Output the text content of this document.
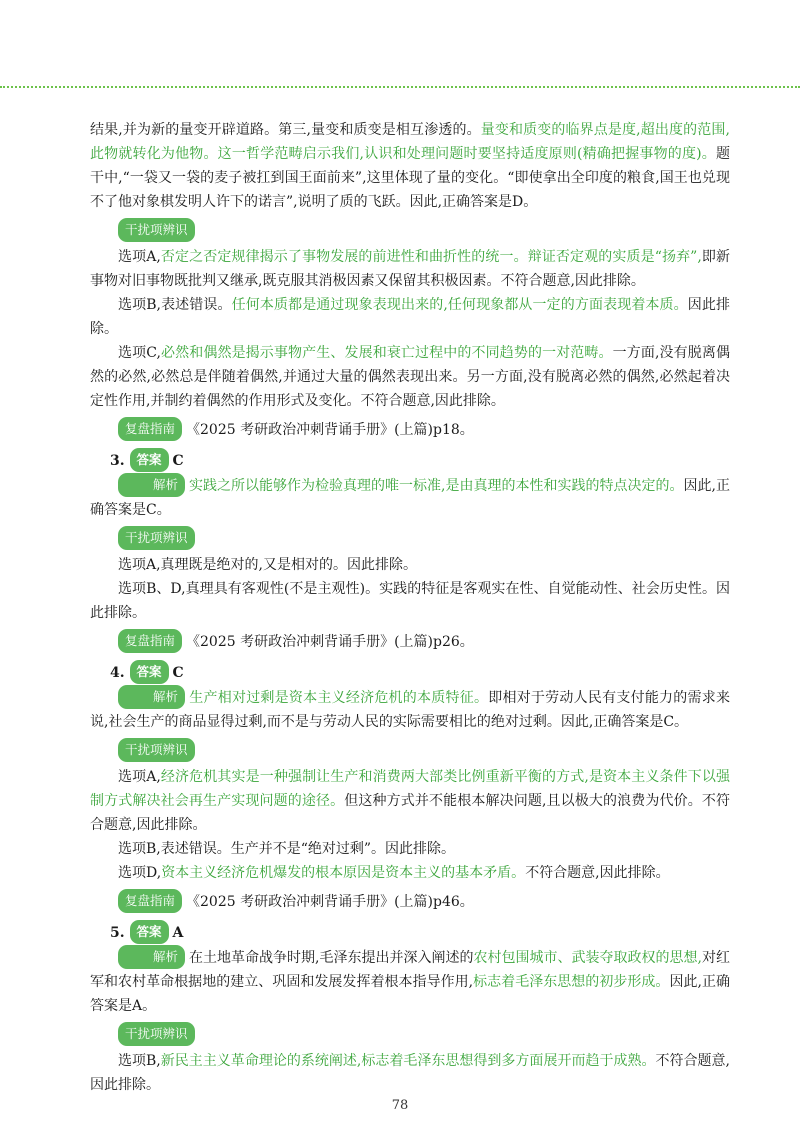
结果,并为新的量变开辟道路。第三,量变和质变是相互渗透的。量变和质变的临界点是度,超出度的范围,此物就转化为他物。这一哲学范畴启示我们,认识和处理问题时要坚持适度原则(精确把握事物的度)。题干中,“一袋又一袋的麦子被扛到国王面前来”,这里体现了量的变化。“即使拿出全印度的粮食,国王也兑现不了他对象棋发明人许下的诺言”,说明了质的飞跃。因此,正确答案是D。

干扰项辨识

选项A,否定之否定规律揭示了事物发展的前进性和曲折性的统一。辩证否定观的实质是“扬弃”,即新事物对旧事物既批判又继承,既克服其消极因素又保留其积极因素。不符合题意,因此排除。

选项B,表述错误。任何本质都是通过现象表现出来的,任何现象都从一定的方面表现着本质。因此排除。

选项C,必然和偶然是揭示事物产生、发展和衰亡过程中的不同趋势的一对范畴。一方面,没有脱离偶然的必然,必然总是伴随着偶然,并通过大量的偶然表现出来。另一方面,没有脱离必然的偶然,必然起着决定性作用,并制约着偶然的作用形式及变化。不符合题意,因此排除。

复盘指南 《2025 考研政治冲刺背诵手册》(上篇)p18。
3. 答案 C

解析 实践之所以能够作为检验真理的唯一标准,是由真理的本性和实践的特点决定的。因此,正确答案是C。

干扰项辨识

选项A,真理既是绝对的,又是相对的。因此排除。

选项B、D,真理具有客观性(不是主观性)。实践的特征是客观实在性、自觉能动性、社会历史性。因此排除。

复盘指南 《2025 考研政治冲刺背诵手册》(上篇)p26。
4. 答案 C

解析 生产相对过剩是资本主义经济危机的本质特征。即相对于劳动人民有支付能力的需求来说,社会生产的商品显得过剩,而不是与劳动人民的实际需要相比的绝对过剩。因此,正确答案是C。

干扰项辨识

选项A,经济危机其实是一种强制让生产和消费两大部类比例重新平衡的方式,是资本主义条件下以强制方式解决社会再生产实现问题的途径。但这种方式并不能根本解决问题,且以极大的浪费为代价。不符合题意,因此排除。

选项B,表述错误。生产并不是“绝对过剩”。因此排除。

选项D,资本主义经济危机爆发的根本原因是资本主义的基本矛盾。不符合题意,因此排除。

复盘指南 《2025 考研政治冲刺背诵手册》(上篇)p46。
5. 答案 A

解析 在土地革命战争时期,毛泽东提出并深入阐述的农村包围城市、武装夺取政权的思想,对红军和农村革命根据地的建立、巩固和发展发挥着根本指导作用,标志着毛泽东思想的初步形成。因此,正确答案是A。

干扰项辨识

选项B,新民主主义革命理论的系统阐述,标志着毛泽东思想得到多方面展开而趋于成熟。不符合题意,因此排除。

78
